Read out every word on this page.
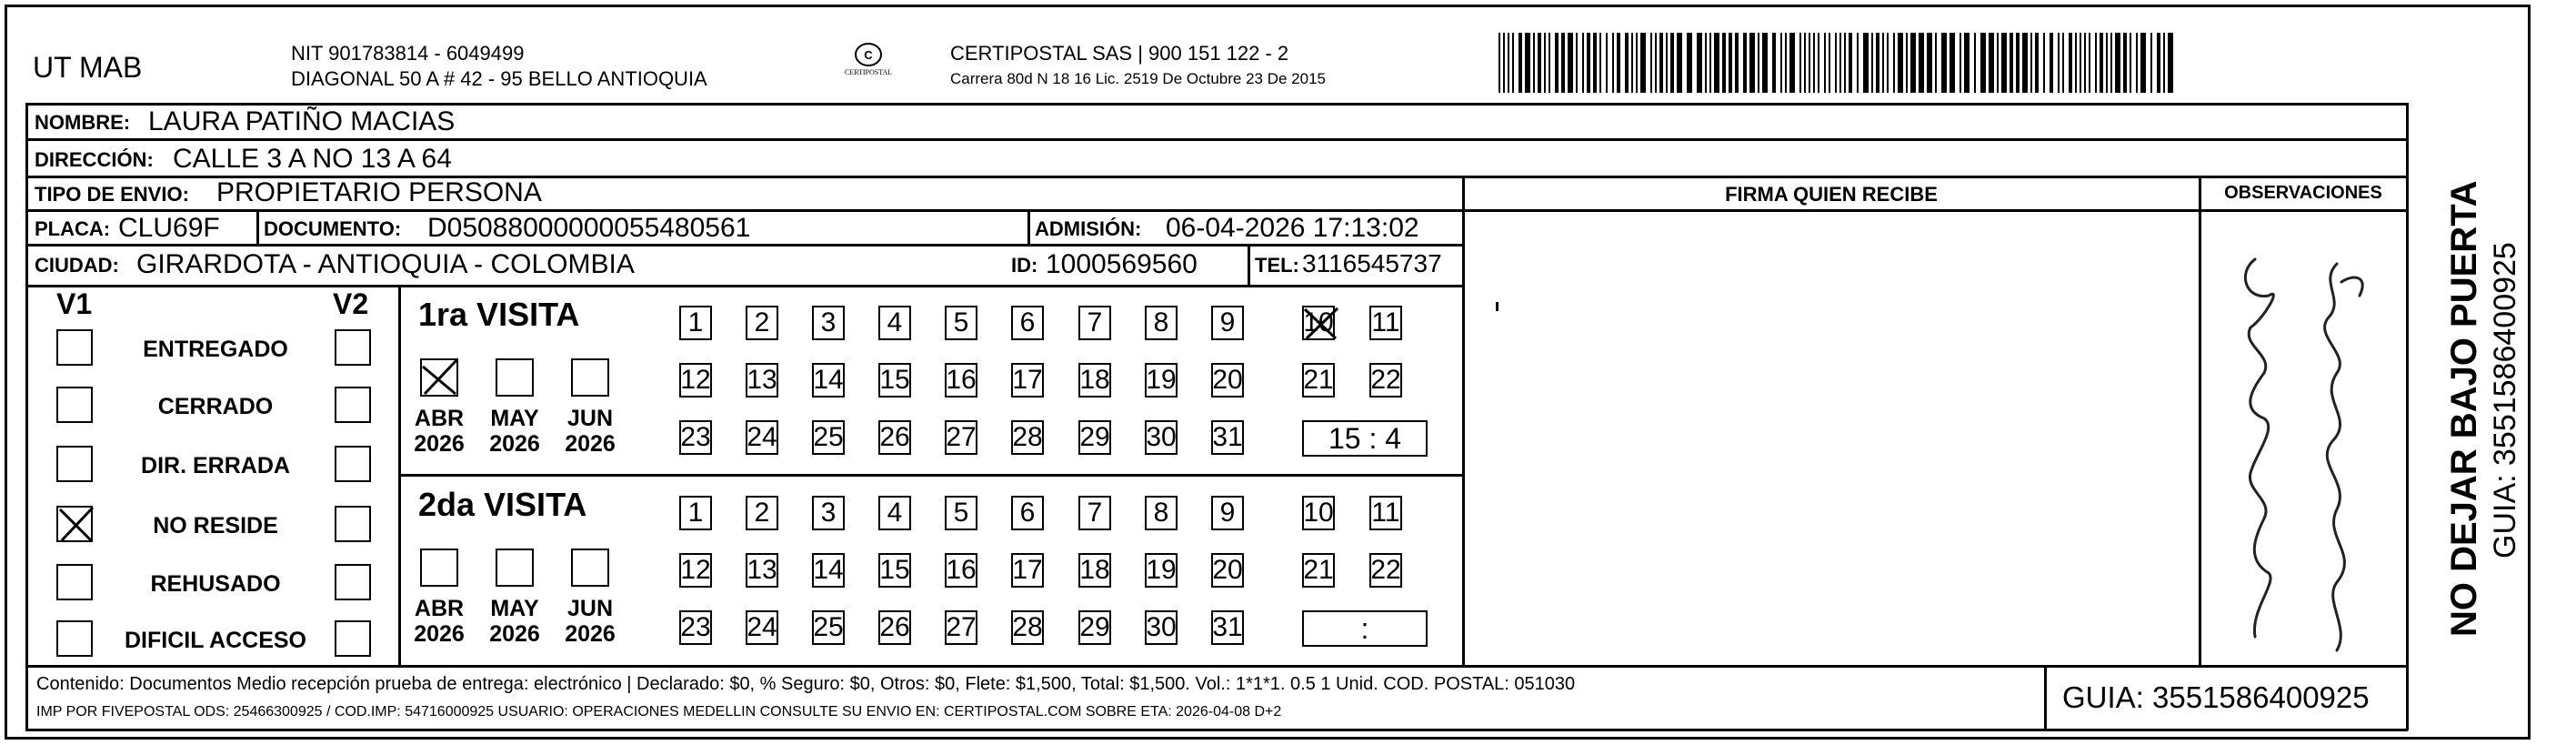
UT MAB	NIT 901783814 - 6049499
DIAGONAL 50 A # 42 - 95 BELLO ANTIOQUIA
C
CERTIPOSTAL
CERTIPOSTAL SAS | 900 151 122 - 2
Carrera 80d N 18 16 Lic. 2519 De Octubre 23 De 2015
NOMBRE: LAURA PATIÑO MACIAS
DIRECCIÓN: CALLE 3 A NO 13 A 64
TIPO DE ENVIO: PROPIETARIO PERSONA
PLACA: CLU69F DOCUMENTO: D05088000000055480561	ADMISIÓN: 06-04-2026 17:13:02
CIUDAD: GIRARDOTA - ANTIOQUIA - COLOMBIA	ID: 1000569560	TEL: 3116545737
FIRMA QUIEN RECIBE	OBSERVACIONES	NO DEJAR BAJO PUERTA GUIA: 3551586400925
V1	V2
ENTREGADO
CERRADO
DIR. ERRADA
NO RESIDE
REHUSADO
DIFICIL ACCESO
1ra VISITA
ABR
2026
MAY
2026
JUN
2026
1 2 3 4 5 6 7 8 9 10 11
12 13 14 15 16 17 18 19 20 21 22
23 24 25 26 27 28 29 30 31	15 : 4
2da VISITA
ABR
2026
MAY
2026
JUN
2026
1 2 3 4 5 6 7 8 9 10 11
12 13 14 15 16 17 18 19 20 21 22
23 24 25 26 27 28 29 30 31	:
Contenido: Documentos Medio recepción prueba de entrega: electrónico | Declarado: $0, % Seguro: $0, Otros: $0, Flete: $1,500, Total: $1,500. Vol.: 1*1*1. 0.5 1 Unid. COD. POSTAL: 051030
IMP POR FIVEPOSTAL ODS: 25466300925 / COD.IMP: 54716000925 USUARIO: OPERACIONES MEDELLIN CONSULTE SU ENVIO EN: CERTIPOSTAL.COM SOBRE ETA: 2026-04-08 D+2	GUIA: 3551586400925
